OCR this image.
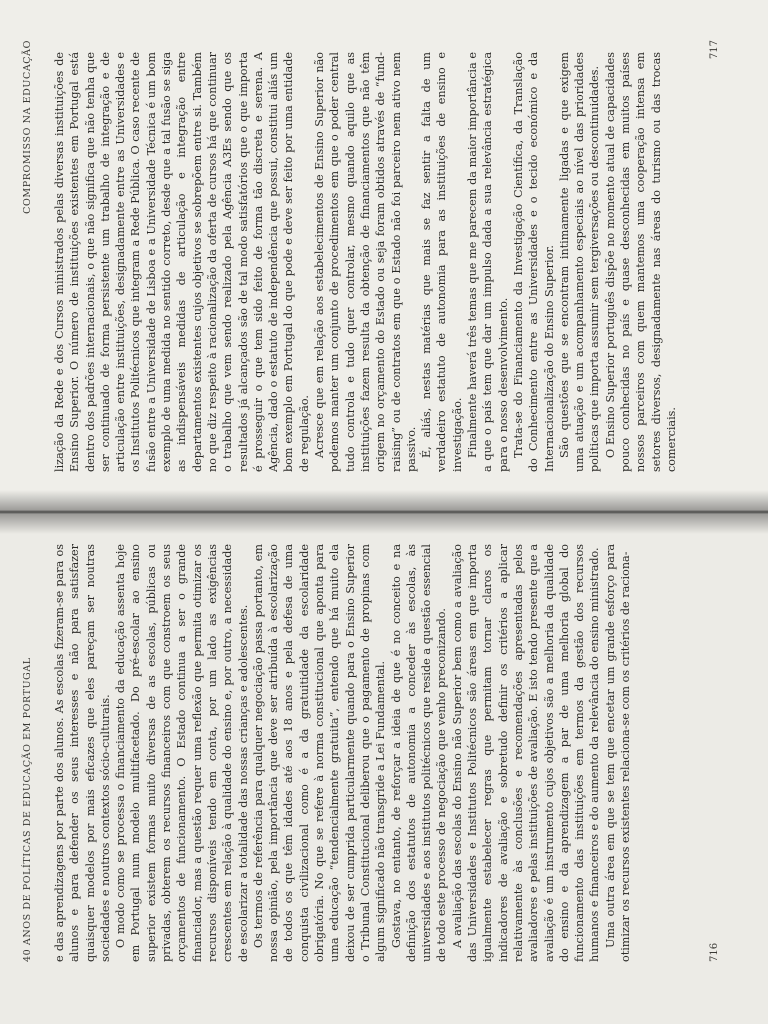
40 ANOS DE POLÍTICAS DE EDUCAÇÃO EM PORTUGAL e das aprendizagens por parte dos alunos. As escolas fizeram-se para os alunos e para defender os seus interesses e não para satisfazer quaisquer modelos por mais eficazes que eles pareçam ser noutras sociedades e noutros contextos sócio-culturais. O modo como se processa o financiamento da educação assenta hoje em Portugal num modelo multifacetado. Do pré-escolar ao ensino superior existem formas muito diversas de as escolas, públicas ou privadas, obterem os recursos financeiros com que constroem os seus orçamentos de funcionamento. O Estado continua a ser o grande financiador, mas a questão requer uma reflexão que permita otimizar os recursos disponíveis tendo em conta, por um lado as exigências crescentes em relação à qualidade do ensino e, por outro, a necessidade de escolarizar a totalidade das nossas crianças e adolescentes. Os termos de referência para qualquer negociação passa portanto, em nossa opinião, pela importância que deve ser atribuída à escolarização de todos os que têm idades até aos 18 anos e pela defesa de uma conquista civilizacional como é a da gratuitidade da escolaridade obrigatória. No que se refere à norma constitucional que aponta para uma educação “tendencialmente gratuita”, entendo que há muito ela deixou de ser cumprida particularmente quando para o Ensino Superior o Tribunal Constitucional deliberou que o pagamento de propinas com algum significado não transgride a Lei Fundamental. Gostava, no entanto, de reforçar a ideia de que é no conceito e na definição dos estatutos de autonomia a conceder às escolas, às universidades e aos institutos politécnicos que reside a questão essencial de todo este processo de negociação que venho preconizando. A avaliação das escolas do Ensino não Superior bem como a avaliação das Universidades e Institutos Politécnicos são áreas em que importa igualmente estabelecer regras que permitam tornar claros os indicadores de avaliação e sobretudo definir os critérios a aplicar relativamente às conclusões e recomendações apresentadas pelos avaliadores e pelas instituições de avaliação. E isto tendo presente que a avaliação é um instrumento cujos objetivos são a melhoria da qualidade do ensino e da aprendizagem a par de uma melhoria global do funcionamento das instituições em termos da gestão dos recursos humanos e financeiros e do aumento da relevância do ensino ministrado. Uma outra área em que se tem que encetar um grande esforço para otimizar os recursos existentes relaciona-se com os critérios de raciona-	716
COMPROMISSO NA EDUCAÇÃO lização da Rede e dos Cursos ministrados pelas diversas instituições de Ensino Superior. O número de instituições existentes em Portugal está dentro dos padrões internacionais, o que não significa que não tenha que ser continuado de forma persistente um trabalho de integração e de articulação entre instituições, designadamente entre as Universidades e os Institutos Politécnicos que integram a Rede Pública. O caso recente de fusão entre a Universidade de Lisboa e a Universidade Técnica é um bom exemplo de uma medida no sentido correto, desde que a tal fusão se siga as indispensáveis medidas de articulação e integração entre departamentos existentes cujos objetivos se sobrepõem entre si. Também no que diz respeito à racionalização da oferta de cursos há que continuar o trabalho que vem sendo realizado pela Agência A3Es sendo que os resultados já alcançados são de tal modo satisfatórios que o que importa é prosseguir o que tem sido feito de forma tão discreta e serena. A Agência, dado o estatuto de independência que possui, constitui aliás um bom exemplo em Portugal do que pode e deve ser feito por uma entidade de regulação. Acresce que em relação aos estabelecimentos de Ensino Superior não podemos manter um conjunto de procedimentos em que o poder central tudo controla e tudo quer controlar, mesmo quando aquilo que as instituições fazem resulta da obtenção de financiamentos que não têm origem no orçamento do Estado ou seja foram obtidos através de “fund-raising” ou de contratos em que o Estado não foi parceiro nem ativo nem passivo. É, aliás, nestas matérias que mais se faz sentir a falta de um verdadeiro estatuto de autonomia para as instituições de ensino e investigação. Finalmente haverá três temas que me parecem da maior importância e a que o país tem que dar um impulso dada a sua relevância estratégica para o nosso desenvolvimento. Trata-se do Financiamento da Investigação Científica, da Translação do Conhecimento entre as Universidades e o tecido económico e da Internacionalização do Ensino Superior. São questões que se encontram intimamente ligadas e que exigem uma atuação e um acompanhamento especiais ao nível das prioridades políticas que importa assumir sem tergiversações ou descontinuidades. O Ensino Superior português dispõe no momento atual de capacidades pouco conhecidas no país e quase desconhecidas em muitos países nossos parceiros com quem mantemos uma cooperação intensa em setores diversos, designadamente nas áreas do turismo ou das trocas comerciais.

717
